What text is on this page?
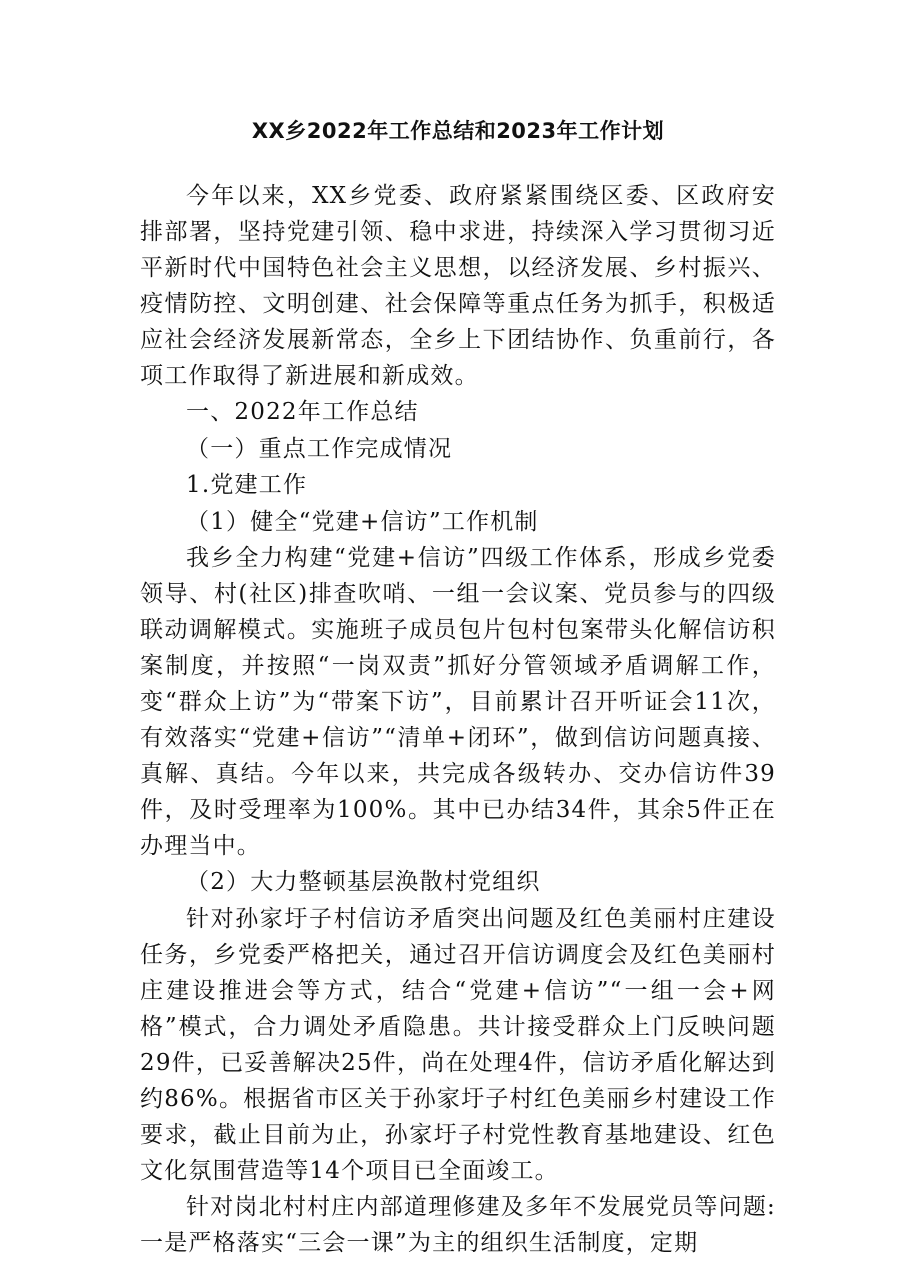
XX乡2022年工作总结和2023年工作计划

今年以来，XX乡党委、政府紧紧围绕区委、区政府安排部署，坚持党建引领、稳中求进，持续深入学习贯彻习近平新时代中国特色社会主义思想，以经济发展、乡村振兴、疫情防控、文明创建、社会保障等重点任务为抓手，积极适应社会经济发展新常态，全乡上下团结协作、负重前行，各项工作取得了新进展和新成效。

一、2022年工作总结

（一）重点工作完成情况

1.党建工作

（1）健全“党建+信访”工作机制

我乡全力构建“党建+信访”四级工作体系，形成乡党委领导、村(社区)排查吹哨、一组一会议案、党员参与的四级联动调解模式。实施班子成员包片包村包案带头化解信访积案制度，并按照“一岗双责”抓好分管领域矛盾调解工作，变“群众上访”为“带案下访”，目前累计召开听证会11次，有效落实“党建+信访”“清单+闭环”，做到信访问题真接、真解、真结。今年以来，共完成各级转办、交办信访件39件，及时受理率为100%。其中已办结34件，其余5件正在办理当中。

（2）大力整顿基层涣散村党组织

针对孙家圩子村信访矛盾突出问题及红色美丽村庄建设任务，乡党委严格把关，通过召开信访调度会及红色美丽村庄建设推进会等方式，结合“党建+信访”“一组一会+网格”模式，合力调处矛盾隐患。共计接受群众上门反映问题29件，已妥善解决25件，尚在处理4件，信访矛盾化解达到约86%。根据省市区关于孙家圩子村红色美丽乡村建设工作要求，截止目前为止，孙家圩子村党性教育基地建设、红色文化氛围营造等14个项目已全面竣工。

针对岗北村村庄内部道理修建及多年不发展党员等问题:一是严格落实“三会一课”为主的组织生活制度，定期
